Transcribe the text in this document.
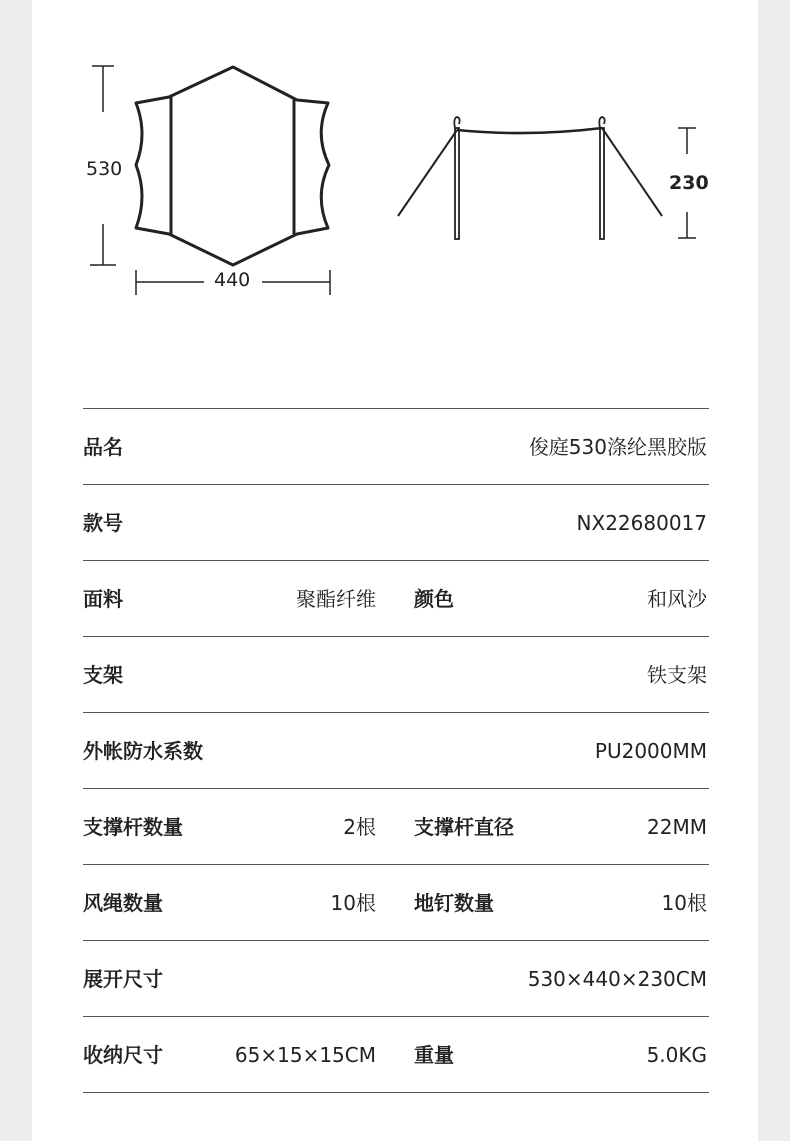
530
440
230
品名	俊庭530涤纶黑胶版
款号	NX22680017
面料	聚酯纤维 颜色	和风沙
支架	铁支架
外帐防水系数	PU2000MM
支撑杆数量	2根 支撑杆直径	22MM
风绳数量	10根 地钉数量	10根
展开尺寸	530×440×230CM
收纳尺寸	65×15×15CM 重量	5.0KG
